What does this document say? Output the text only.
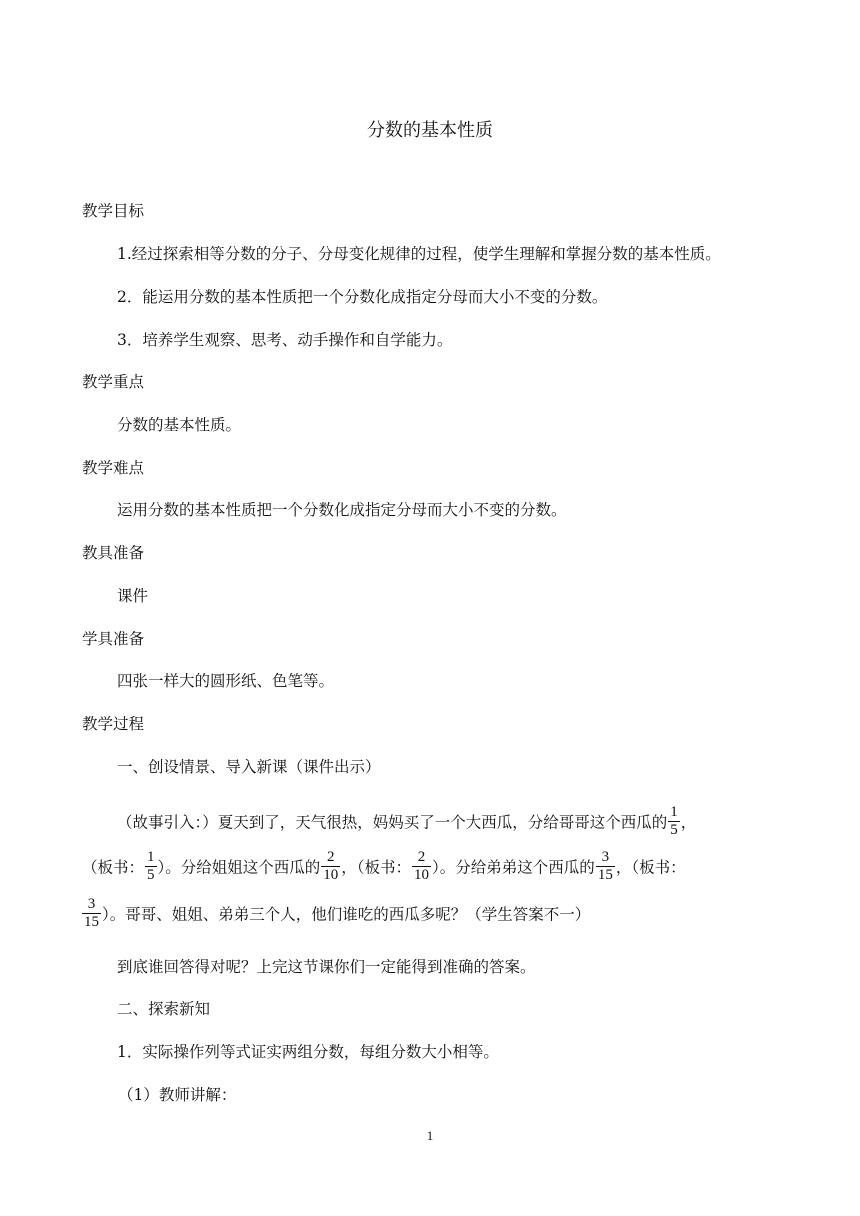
分数的基本性质
教学目标
1.经过探索相等分数的分子、分母变化规律的过程，使学生理解和掌握分数的基本性质。
2．能运用分数的基本性质把一个分数化成指定分母而大小不变的分数。
3．培养学生观察、思考、动手操作和自学能力。
教学重点
分数的基本性质。
教学难点
运用分数的基本性质把一个分数化成指定分母而大小不变的分数。
教具准备
课件
学具准备
四张一样大的圆形纸、色笔等。
教学过程
一、创设情景、导入新课（课件出示）
（故事引入：）夏天到了，天气很热，妈妈买了一个大西瓜，分给哥哥这个西瓜的 $\frac{1}{5}$ ，
（板书： $\frac{1}{5}$ ）。分给姐姐这个西瓜的 $\frac{2}{10}$ ，（板书： $\frac{2}{10}$ ）。分给弟弟这个西瓜的 $\frac{3}{15}$ ，（板书：
$\frac{3}{15}$ ）。哥哥、姐姐、弟弟三个人，他们谁吃的西瓜多呢？（学生答案不一）
到底谁回答得对呢？上完这节课你们一定能得到准确的答案。
二、探索新知
1．实际操作列等式证实两组分数，每组分数大小相等。
（1）教师讲解：
1
